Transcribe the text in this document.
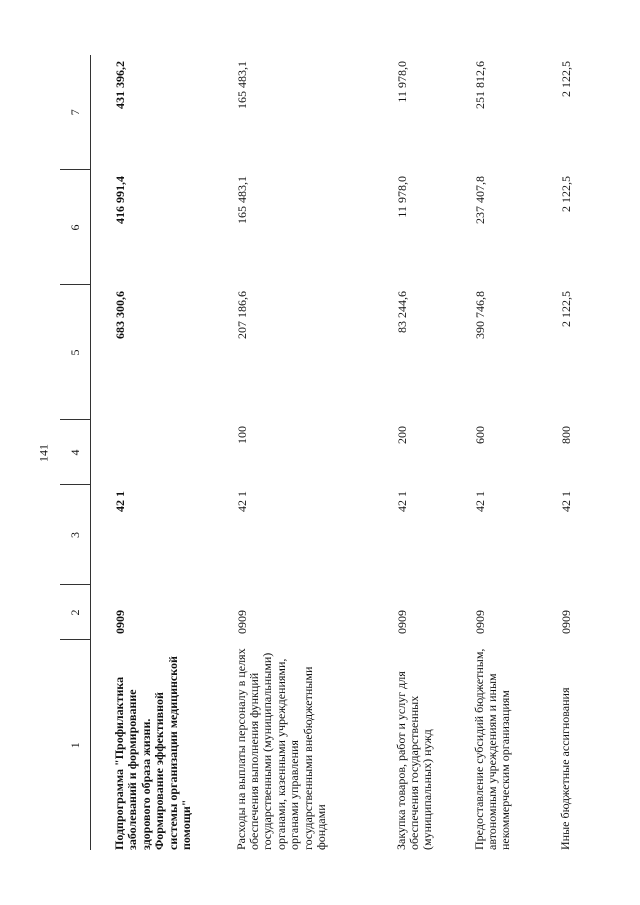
141
1	2	3	4	5	6	7
Подпрограмма "Профилактика заболеваний и формирование здорового образа жизни. Формирование эффективной системы организации медицинской помощи"	0909	42 1		683 300,6	416 991,4	431 396,2
Расходы на выплаты персоналу в целях обеспечения выполнения функций государственными (муниципальными) органами, казенными учреждениями, органами управления государственными внебюджетными фондами	0909	42 1	100	207 186,6	165 483,1	165 483,1
Закупка товаров, работ и услуг для обеспечения государственных (муниципальных) нужд	0909	42 1	200	83 244,6	11 978,0	11 978,0
Предоставление субсидий бюджетным, автономным учреждениям и иным некоммерческим организациям	0909	42 1	600	390 746,8	237 407,8	251 812,6
Иные бюджетные ассигнования	0909	42 1	800	2 122,5	2 122,5	2 122,5
